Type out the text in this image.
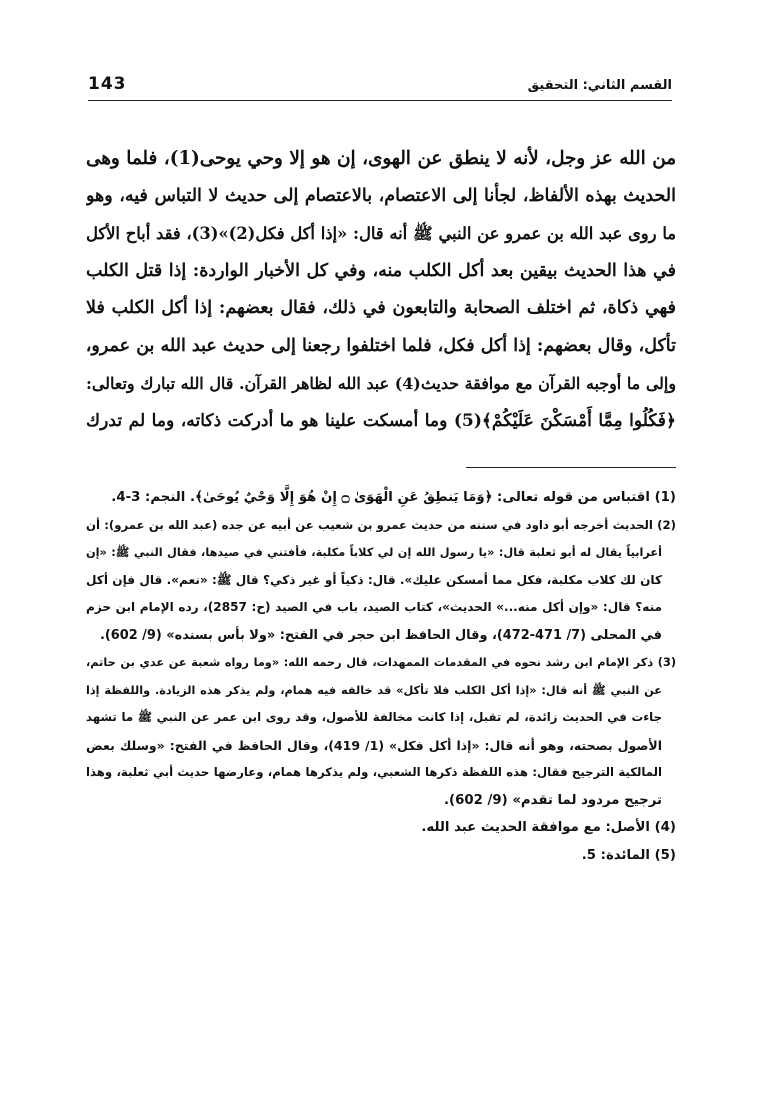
143	القسم الثاني: التحقيق
من الله عز وجل، لأنه لا ينطق عن الهوى، إن هو إلا وحي يوحى(1)، فلما وهى
الحديث بهذه الألفاظ، لجأنا إلى الاعتصام، بالاعتصام إلى حديث لا التباس فيه، وهو
ما روى عبد الله بن عمرو عن النبي ﷺ أنه قال: «إذا أكل فكل(2)»(3)، فقد أباح الأكل
في هذا الحديث بيقين بعد أكل الكلب منه، وفي كل الأخبار الواردة: إذا قتل الكلب
فهي ذكاة، ثم اختلف الصحابة والتابعون في ذلك، فقال بعضهم: إذا أكل الكلب فلا
تأكل، وقال بعضهم: إذا أكل فكل، فلما اختلفوا رجعنا إلى حديث عبد الله بن عمرو،
وإلى ما أوجبه القرآن مع موافقة حديث(4) عبد الله لظاهر القرآن. قال الله تبارك وتعالى:
﴿فَكُلُوا مِمَّا أَمْسَكْنَ عَلَيْكُمْ﴾(5) وما أمسكت علينا هو ما أدركت ذكاته، وما لم تدرك
(1) اقتباس من قوله تعالى: ﴿وَمَا يَنطِقُ عَنِ الْهَوَىٰ ۝ إِنْ هُوَ إِلَّا وَحْيٌ يُوحَىٰ﴾. النجم: 3-4.
(2) الحديث أخرجه أبو داود في سننه من حديث عمرو بن شعيب عن أبيه عن جده (عبد الله بن عمرو): أن
أعرابياً يقال له أبو ثعلبة قال: «يا رسول الله إن لي كلاباً مكلبة، فأفتني في صيدها، فقال النبي ﷺ: «إن
كان لك كلاب مكلبة، فكل مما أمسكن عليك». قال: ذكياً أو غير ذكي؟ قال ﷺ: «نعم». قال فإن أكل
منه؟ قال: «وإن أكل منه...» الحديث»، كتاب الصيد، باب في الصيد (ح: 2857)، رده الإمام ابن حزم
في المحلى (7/ 471-472)، وقال الحافظ ابن حجر في الفتح: «ولا بأس بسنده» (9/ 602).
(3) ذكر الإمام ابن رشد نحوه في المقدمات الممهدات، قال رحمه الله: «وما رواه شعبة عن عدي بن حاتم،
عن النبي ﷺ أنه قال: «إذا أكل الكلب فلا تأكل» قد خالفه فيه همام، ولم يذكر هذه الزيادة. واللفظة إذا
جاءت في الحديث زائدة، لم تقبل، إذا كانت مخالفة للأصول، وقد روى ابن عمر عن النبي ﷺ ما تشهد
الأصول بصحته، وهو أنه قال: «إذا أكل فكل» (1/ 419)، وقال الحافظ في الفتح: «وسلك بعض
المالكية الترجيح فقال: هذه اللفظة ذكرها الشعبي، ولم يذكرها همام، وعارضها حديث أبي ثعلبة، وهذا
ترجيح مردود لما تقدم» (9/ 602).
(4) الأصل: مع موافقة الحديث عبد الله.
(5) المائدة: 5.
